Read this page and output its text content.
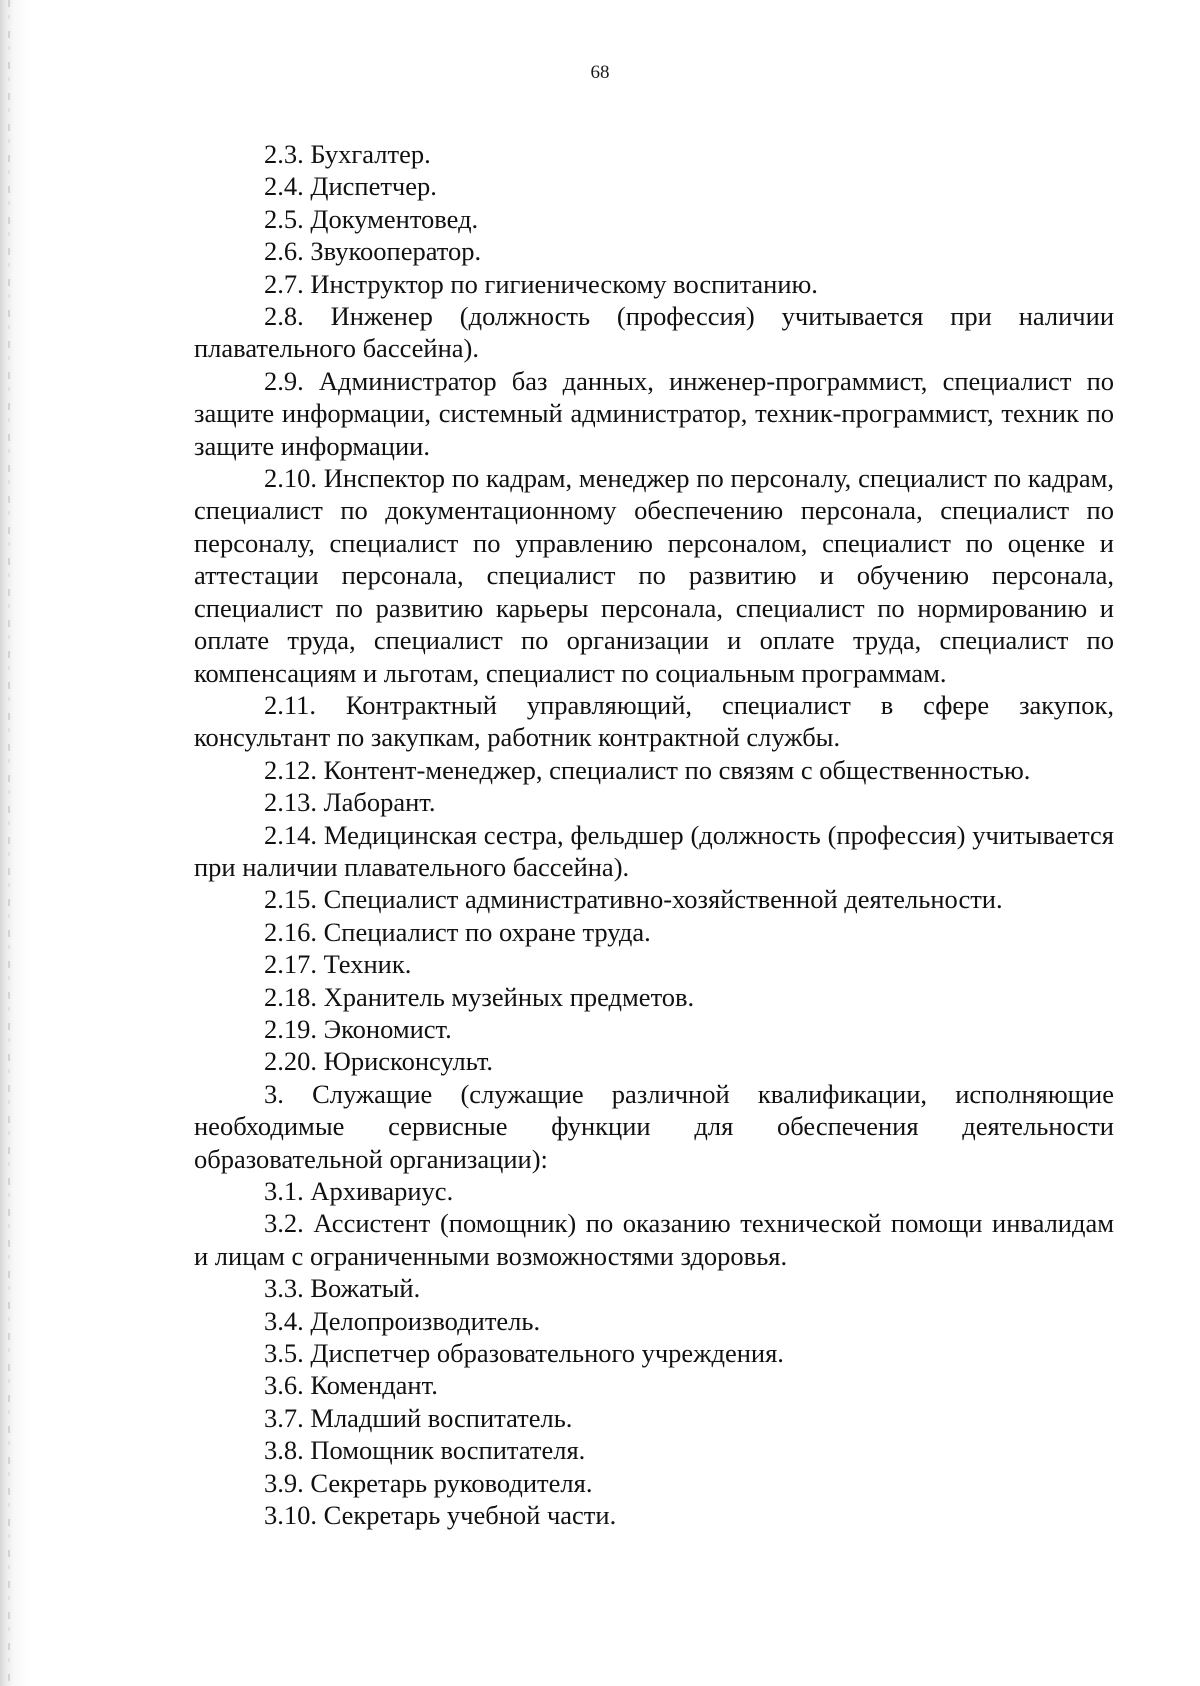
68

2.3. Бухгалтер.

2.4. Диспетчер.

2.5. Документовед.

2.6. Звукооператор.

2.7. Инструктор по гигиеническому воспитанию.

2.8. Инженер (должность (профессия) учитывается при наличии плавательного бассейна).

2.9. Администратор баз данных, инженер-программист, специалист по защите информации, системный администратор, техник-программист, техник по защите информации.

2.10. Инспектор по кадрам, менеджер по персоналу, специалист по кадрам, специалист по документационному обеспечению персонала, специалист по персоналу, специалист по управлению персоналом, специалист по оценке и аттестации персонала, специалист по развитию и обучению персонала, специалист по развитию карьеры персонала, специалист по нормированию и оплате труда, специалист по организации и оплате труда, специалист по компенсациям и льготам, специалист по социальным программам.

2.11. Контрактный управляющий, специалист в сфере закупок, консультант по закупкам, работник контрактной службы.

2.12. Контент-менеджер, специалист по связям с общественностью.

2.13. Лаборант.

2.14. Медицинская сестра, фельдшер (должность (профессия) учитывается при наличии плавательного бассейна).

2.15. Специалист административно-хозяйственной деятельности.

2.16. Специалист по охране труда.

2.17. Техник.

2.18. Хранитель музейных предметов.

2.19. Экономист.

2.20. Юрисконсульт.

3. Служащие (служащие различной квалификации, исполняющие необходимые сервисные функции для обеспечения деятельности образовательной организации):

3.1. Архивариус.

3.2. Ассистент (помощник) по оказанию технической помощи инвалидам и лицам с ограниченными возможностями здоровья.

3.3. Вожатый.

3.4. Делопроизводитель.

3.5. Диспетчер образовательного учреждения.

3.6. Комендант.

3.7. Младший воспитатель.

3.8. Помощник воспитателя.

3.9. Секретарь руководителя.

3.10. Секретарь учебной части.
